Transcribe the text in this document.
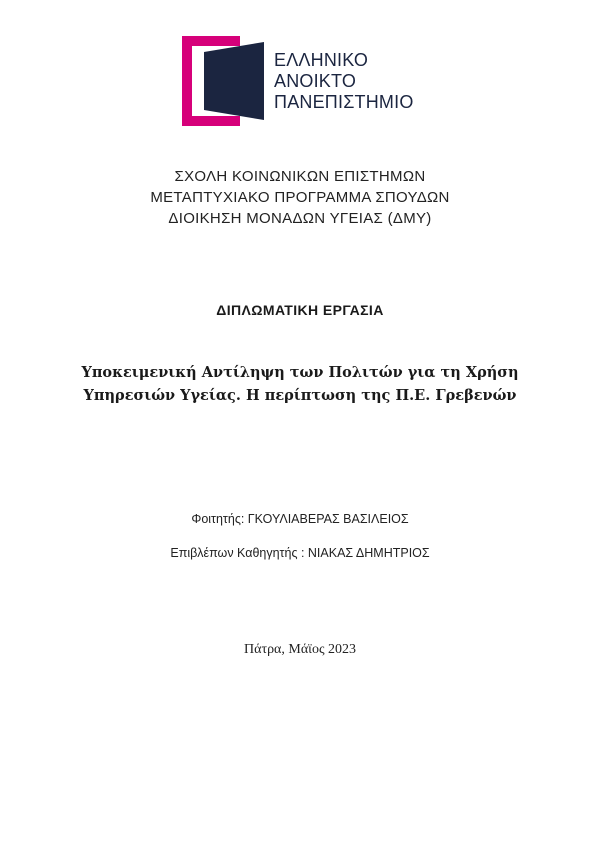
ΕΛΛΗΝΙΚΟ
ΑΝΟΙΚΤΟ
ΠΑΝΕΠΙΣΤΗΜΙΟ
ΣΧΟΛΗ ΚΟΙΝΩΝΙΚΩΝ ΕΠΙΣΤΗΜΩΝ
ΜΕΤΑΠΤΥΧΙΑΚΟ ΠΡΟΓΡΑΜΜΑ ΣΠΟΥΔΩΝ
ΔΙΟΙΚΗΣΗ ΜΟΝΑΔΩΝ ΥΓΕΙΑΣ (ΔΜΥ)
ΔΙΠΛΩΜΑΤΙΚΗ ΕΡΓΑΣΙΑ
Υποκειμενική Αντίληψη των Πολιτών για τη Χρήση
Υπηρεσιών Υγείας. Η περίπτωση της Π.Ε. Γρεβενών
Φοιτητής: ΓΚΟΥΛΙΑΒΕΡΑΣ ΒΑΣΙΛΕΙΟΣ
Επιβλέπων Καθηγητής : ΝΙΑΚΑΣ ΔΗΜΗΤΡΙΟΣ
Πάτρα, Μάϊος 2023
